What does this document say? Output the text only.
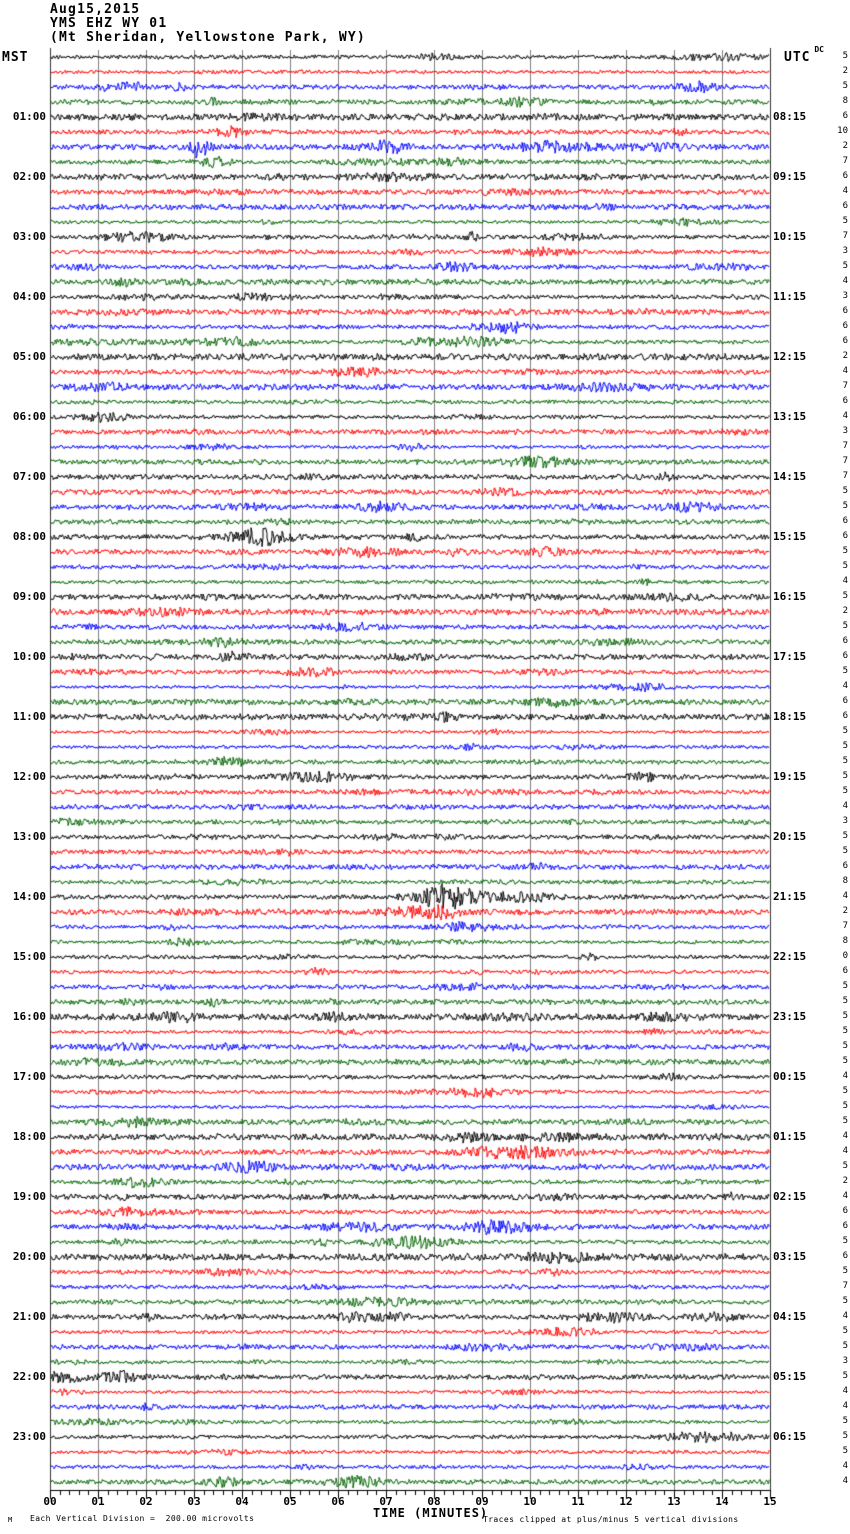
Aug15,2015
YMS EHZ WY 01
(Mt Sheridan, Yellowstone Park, WY)
MST	UTC
DC
01:00
02:00
03:00
04:00
05:00
06:00
07:00
08:00
09:00
10:00
11:00
12:00
13:00
14:00
15:00
16:00
17:00
18:00
19:00
20:00
21:00
22:00
23:00
08:15
09:15
10:15
11:15
12:15
13:15
14:15
15:15
16:15
17:15
18:15
19:15
20:15
21:15
22:15
23:15
00:15
01:15
02:15
03:15
04:15
05:15
06:15
5
2
5
8
6
10
2
7
6
4
6
5
7
3
5
4
3
6
6
6
2
4
7
6
4
3
7
7
7
5
5
6
6
5
5
4
5
2
5
6
6
5
4
6
6
5
5
5
5
5
4
3
5
5
6
8
4
2
7
8
0
6
5
5
5
5
5
5
4
5
5
5
4
4
5
2
4
6
6
5
6
5
7
5
4
5
5
3
5
4
4
5
5
5
4
4
00	01	02	03	04	05	06	07	08	09	10	11	12	13	14	15
Each Vertical Division =  200.00 microvolts	TIME (MINUTES)
Traces clipped at plus/minus 5 vertical divisions
M
